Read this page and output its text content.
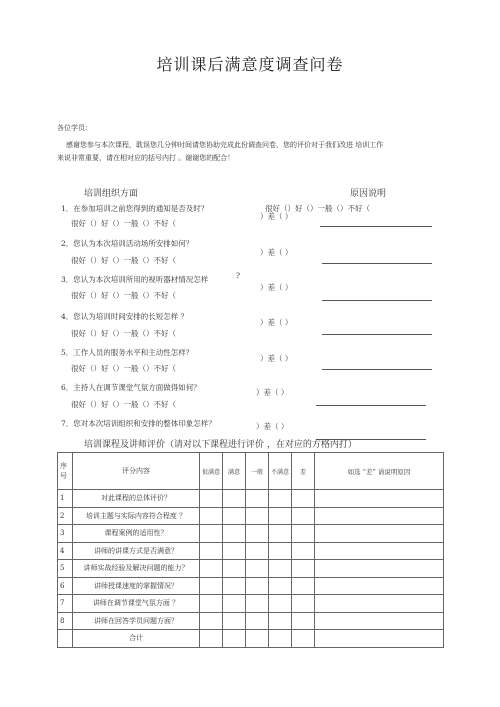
培训课后满意度调查问卷
各位学员：
感谢您参与本次课程，耽误您几分钟时间请您协助完成此份调查问卷，您的评价对于我们改进 培训工作
来说非常重要，请在相对应的括号内打 。谢谢您的配合！
培训组织方面	原因说明
1．在参加培训之前您得到的通知是否及时？	很好（）好（）一般（）不好（
很好（）好（）一般（）不好（
）差（ ）
2．您认为本次培训活动场所安排如何？
很好（）好（）一般（）不好（
）差（ ）
3．您认为本次培训所用的视听器材情况怎样	?
很好（）好（）一般（）不好（
）差（ ）
4．您认为培训时间安排的长短怎样 ？
很好（）好（）一般（）不好（
）差（ ）
5．工作人员的服务水平和主动性怎样？
很好（）好（）一般（）不好（
）差（ ）
6．主持人在调节课堂气氛方面做得如何？
很好（）好（）一般（）不好（
）差（ ）
7．您对本次培训组织和安排的整体印象怎样？	）差（ ）
培训课程及讲师评价（请对以下课程进行评价 ，在对应的方格内打）
序号	评分内容	很满意	满意	一般	不满意	差	如选 “差” 请说明原因
1	对此课程的总体评价？						
2	培训主题与实际内容符合程度 ？						
3	课程案例的适用性？						
4	讲师的讲课方式是否满意？						
5	讲师实战经验及解决问题的能力？						
6	讲师授课速度的掌握情况？						
7	讲师在调节课堂气氛方面 ？						
8	讲师在回答学员问题方面？						
	合计						
